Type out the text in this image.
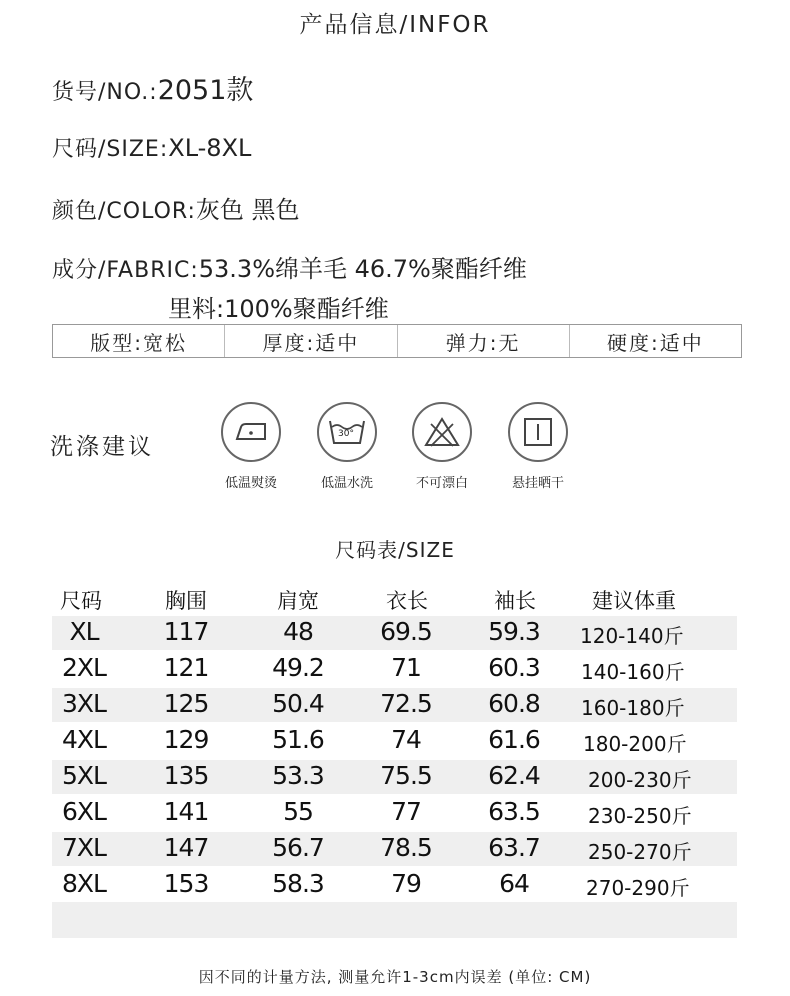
产品信息/INFOR
货号/NO.:2051款
尺码/SIZE:XL-8XL
颜色/COLOR:灰色 黑色
成分/FABRIC:53.3%绵羊毛 46.7%聚酯纤维
里料:100%聚酯纤维
版型:宽松	厚度:适中	弹力:无	硬度:适中
洗涤建议
低温熨烫
30°
低温水洗	不可漂白	悬挂晒干
尺码表/SIZE
尺码	胸围	肩宽	衣长	袖长	建议体重
XL	117	48	69.5	59.3	120-140斤
2XL	121	49.2	71	60.3	140-160斤
3XL	125	50.4	72.5	60.8	160-180斤
4XL	129	51.6	74	61.6	180-200斤
5XL	135	53.3	75.5	62.4	200-230斤
6XL	141	55	77	63.5	230-250斤
7XL	147	56.7	78.5	63.7	250-270斤
8XL	153	58.3	79	64	270-290斤
因不同的计量方法, 测量允许1-3cm内误差 (单位: CM)
